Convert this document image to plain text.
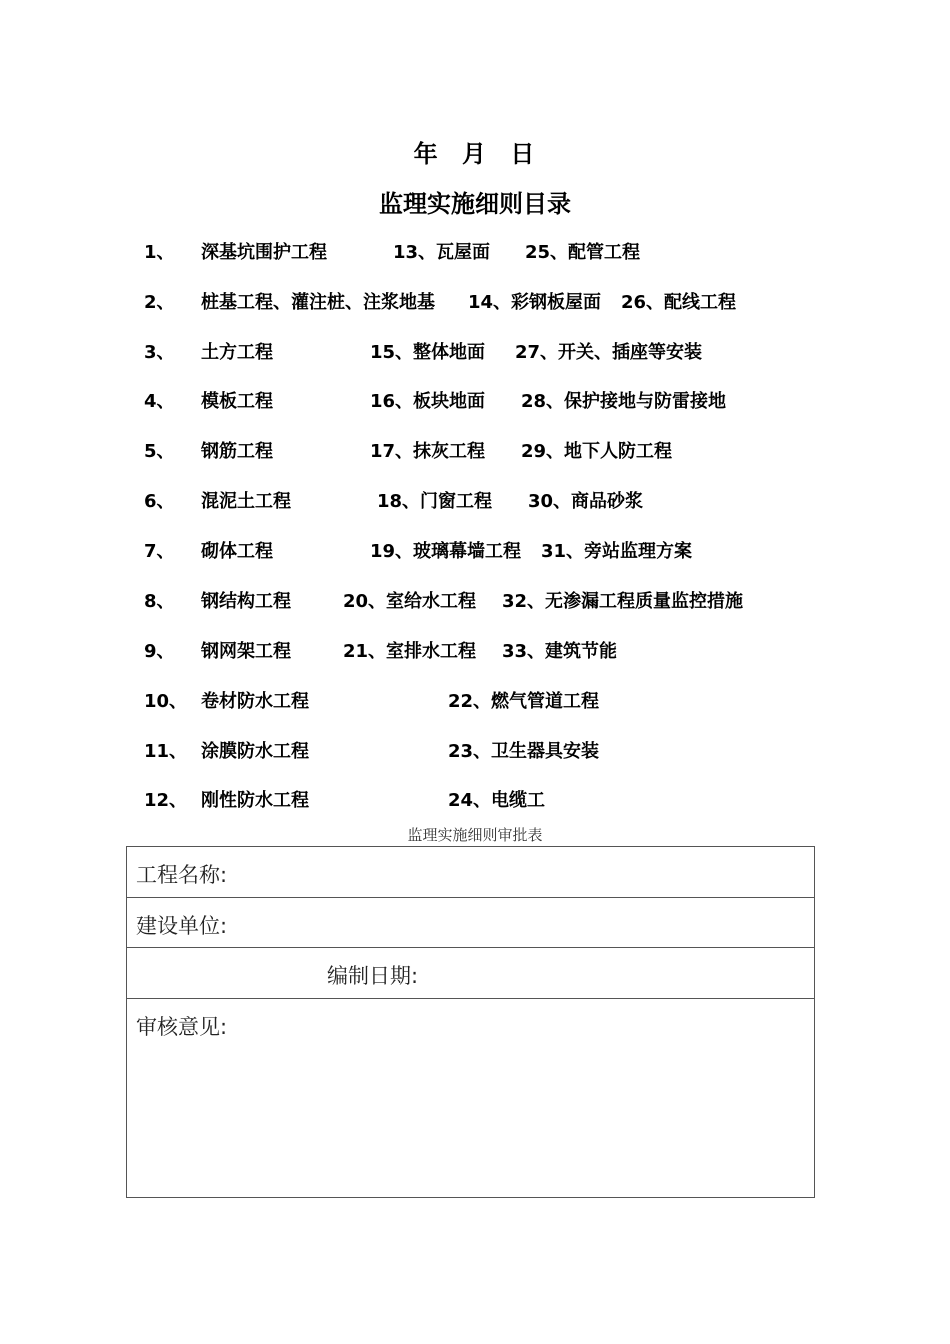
年 月 日
监理实施细则目录
1、 深基坑围护工程	13、瓦屋面 25、配管工程
2、 桩基工程、灌注桩、注浆地基 14、彩钢板屋面 26、配线工程
3、 土方工程	15、整体地面 27、开关、插座等安装
4、 模板工程	16、板块地面 28、保护接地与防雷接地
5、 钢筋工程	17、抹灰工程 29、地下人防工程
6、 混泥土工程	18、门窗工程 30、商品砂浆
7、 砌体工程	19、玻璃幕墙工程 31、旁站监理方案
8、 钢结构工程	20、室给水工程 32、无渗漏工程质量监控措施
9、 钢网架工程	21、室排水工程 33、建筑节能
10、 卷材防水工程	22、燃气管道工程
11、 涂膜防水工程	23、卫生器具安装
12、 刚性防水工程	24、电缆工
监理实施细则审批表
工程名称:
建设单位:
编制日期:
审核意见:
